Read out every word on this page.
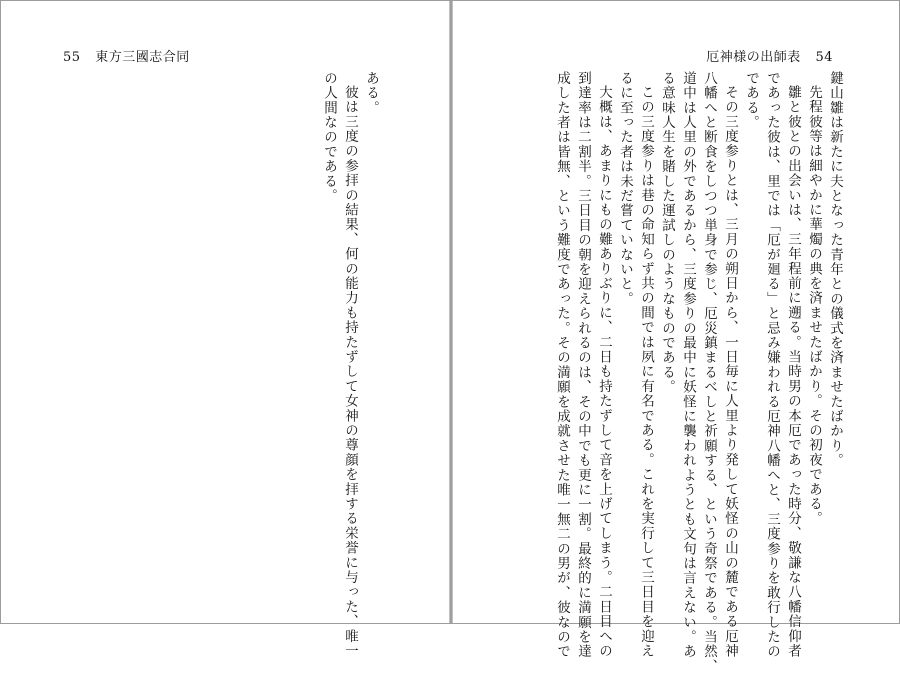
55 東方三國志合同

ある。

彼は三度の参拝の結果、何の能力も持たずして女神の尊顔を拝する栄誉に与った、唯一

の人間なのである。

厄神様の出師表 54

鍵山雛は新たに夫となった青年との儀式を済ませたばかり。

先程彼等は細やかに華燭の典を済ませたばかり。その初夜である。

雛と彼との出会いは、三年程前に遡る。当時男の本厄であった時分、敬謙な八幡信仰者

であった彼は、里では「厄が廻る」と忌み嫌われる厄神八幡へと、三度参りを敢行したの

である。

その三度参りとは、三月の朔日から、一日毎に人里より発して妖怪の山の麓である厄神

八幡へと断食をしつつ単身で参じ、厄災鎮まるべしと祈願する、という奇祭である。当然、

道中は人里の外であるから、三度参りの最中に妖怪に襲われようとも文句は言えない。あ

る意味人生を賭した運試しのようなものである。

この三度参りは巷の命知らず共の間では夙に有名である。これを実行して三日目を迎え

るに至った者は未だ嘗ていないと。

大概は、あまりにもの難ありぶりに、二日も持たずして音を上げてしまう。二日目への

到達率は二割半。三日目の朝を迎えられるのは、その中でも更に一割。最終的に満願を達

成した者は皆無、という難度であった。その満願を成就させた唯一無二の男が、彼なので
